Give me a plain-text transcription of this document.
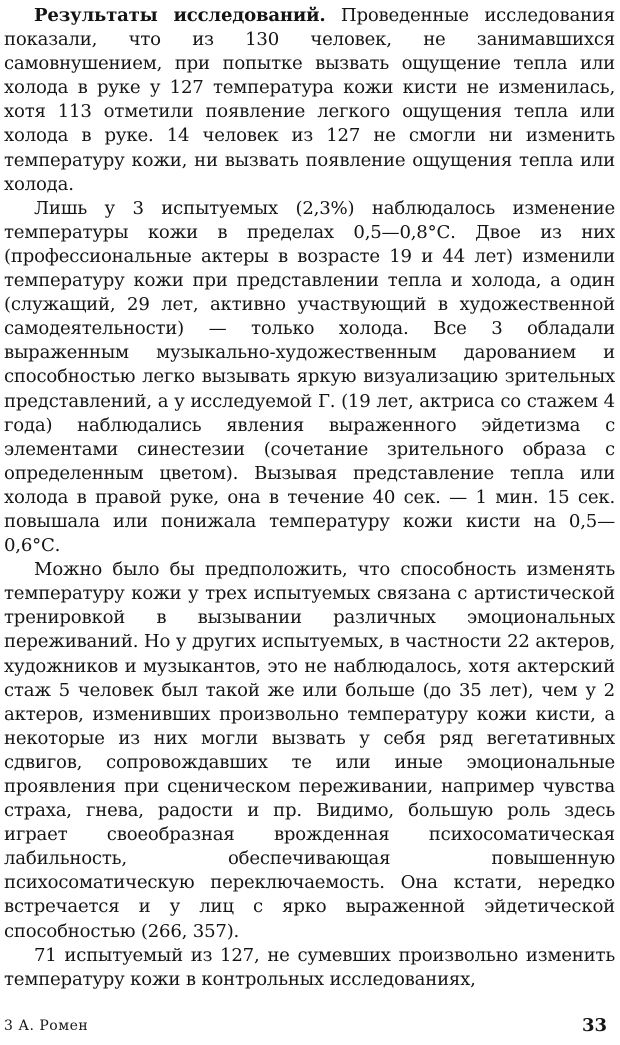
Результаты исследований. Проведенные исследования показали, что из 130 человек, не занимавшихся самовнушением, при попытке вызвать ощущение тепла или холода в руке у 127 температура кожи кисти не изменилась, хотя 113 отметили появление легкого ощущения тепла или холода в руке. 14 человек из 127 не смогли ни изменить температуру кожи, ни вызвать появление ощущения тепла или холода.

Лишь у 3 испытуемых (2,3%) наблюдалось изменение температуры кожи в пределах 0,5—0,8°С. Двое из них (профессиональные актеры в возрасте 19 и 44 лет) изменили температуру кожи при представлении тепла и холода, а один (служащий, 29 лет, активно участвующий в художественной самодеятельности) — только холода. Все 3 обладали выраженным музыкально-художественным дарованием и способностью легко вызывать яркую визуализацию зрительных представлений, а у исследуемой Г. (19 лет, актриса со стажем 4 года) наблюдались явления выраженного эйдетизма с элементами синестезии (сочетание зрительного образа с определенным цветом). Вызывая представление тепла или холода в правой руке, она в течение 40 сек. — 1 мин. 15 сек. повышала или понижала температуру кожи кисти на 0,5—0,6°С.

Можно было бы предположить, что способность изменять температуру кожи у трех испытуемых связана с артистической тренировкой в вызывании различных эмоциональных переживаний. Но у других испытуемых, в частности 22 актеров, художников и музыкантов, это не наблюдалось, хотя актерский стаж 5 человек был такой же или больше (до 35 лет), чем у 2 актеров, изменивших произвольно температуру кожи кисти, а некоторые из них могли вызвать у себя ряд вегетативных сдвигов, сопровождавших те или иные эмоциональные проявления при сценическом переживании, например чувства страха, гнева, радости и пр. Видимо, большую роль здесь играет своеобразная врожденная психосоматическая лабильность, обеспечивающая повышенную психосоматическую переключаемость. Она кстати, нередко встречается и у лиц с ярко выраженной эйдетической способностью (266, 357).

71 испытуемый из 127, не сумевших произвольно изменить температуру кожи в контрольных исследованиях,

3 А. Ромен	33
